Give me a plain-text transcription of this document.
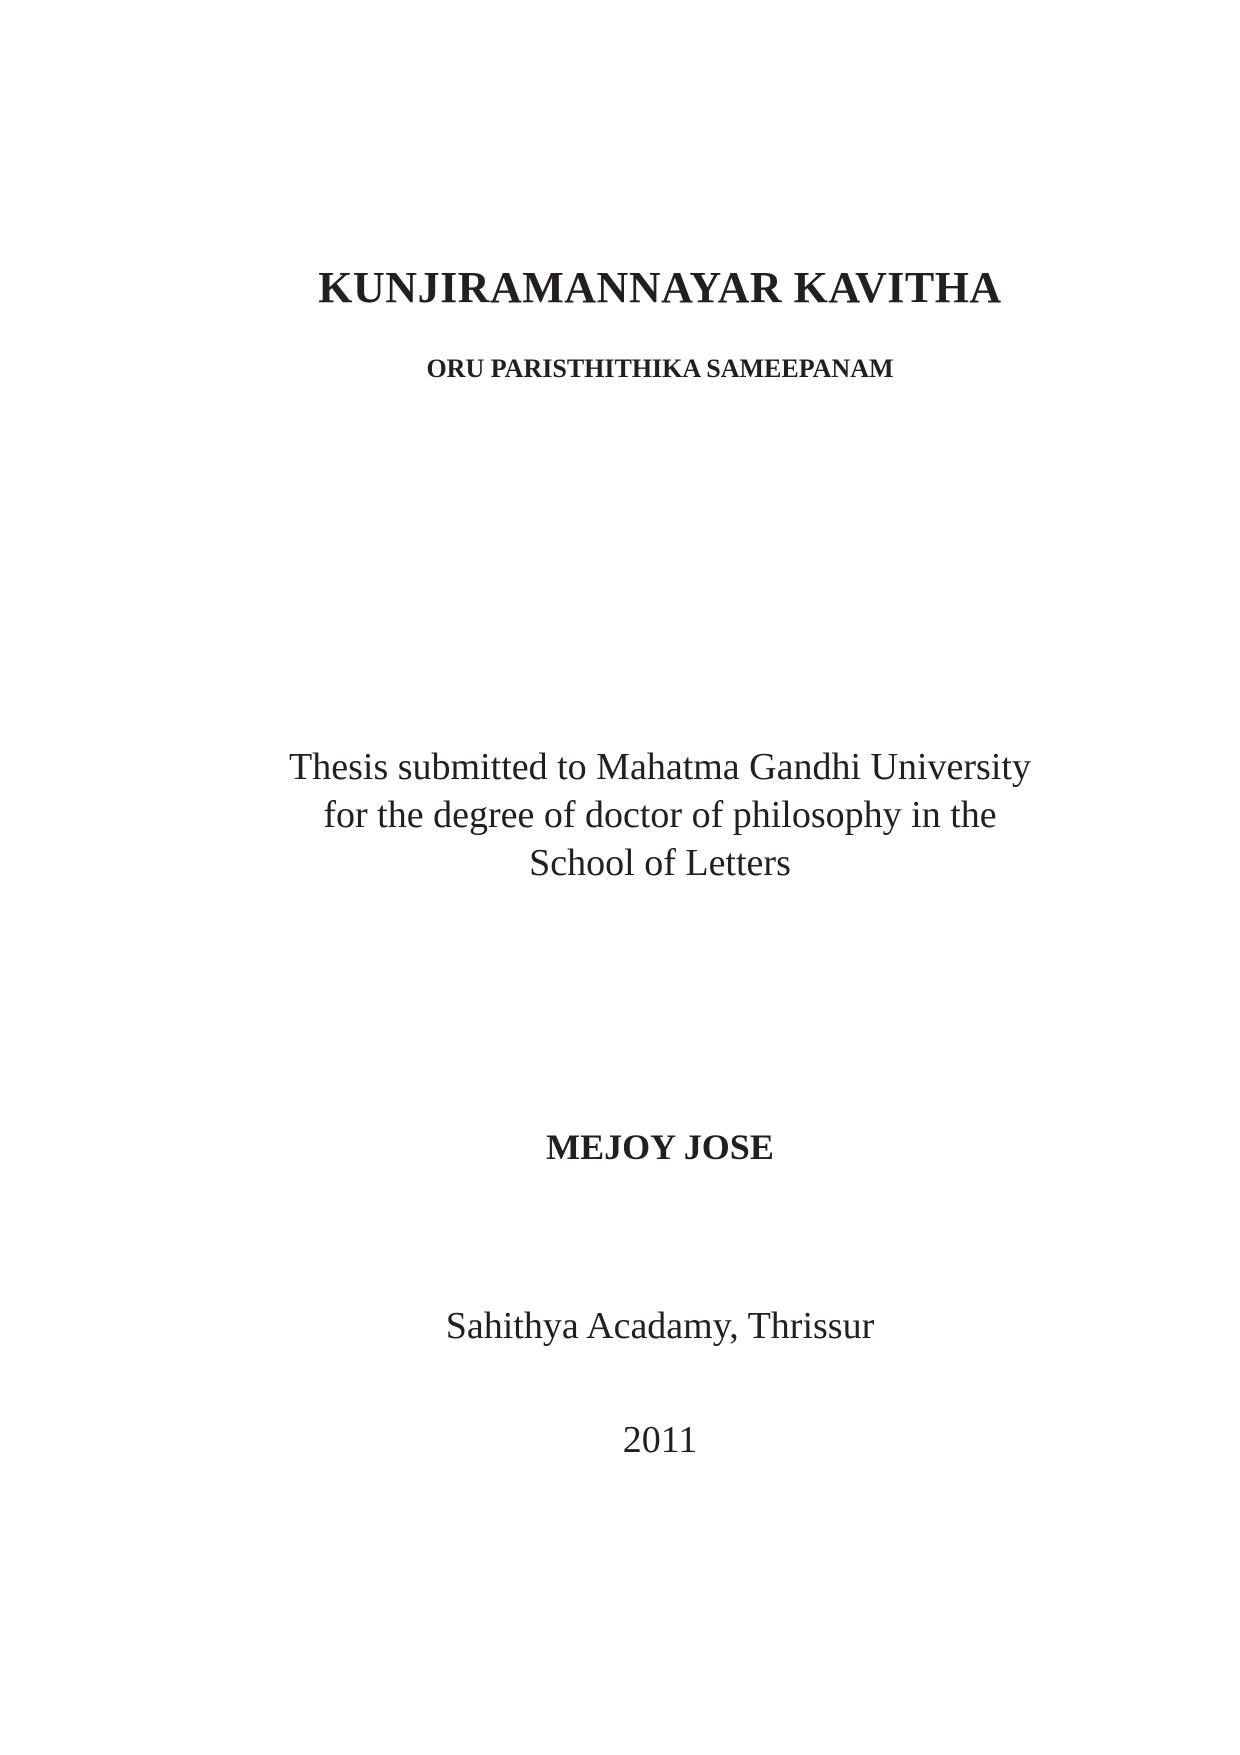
KUNJIRAMANNAYAR KAVITHA
ORU PARISTHITHIKA SAMEEPANAM
Thesis submitted to Mahatma Gandhi University
for the degree of doctor of philosophy in the
School of Letters
MEJOY JOSE
Sahithya Acadamy, Thrissur
2011
